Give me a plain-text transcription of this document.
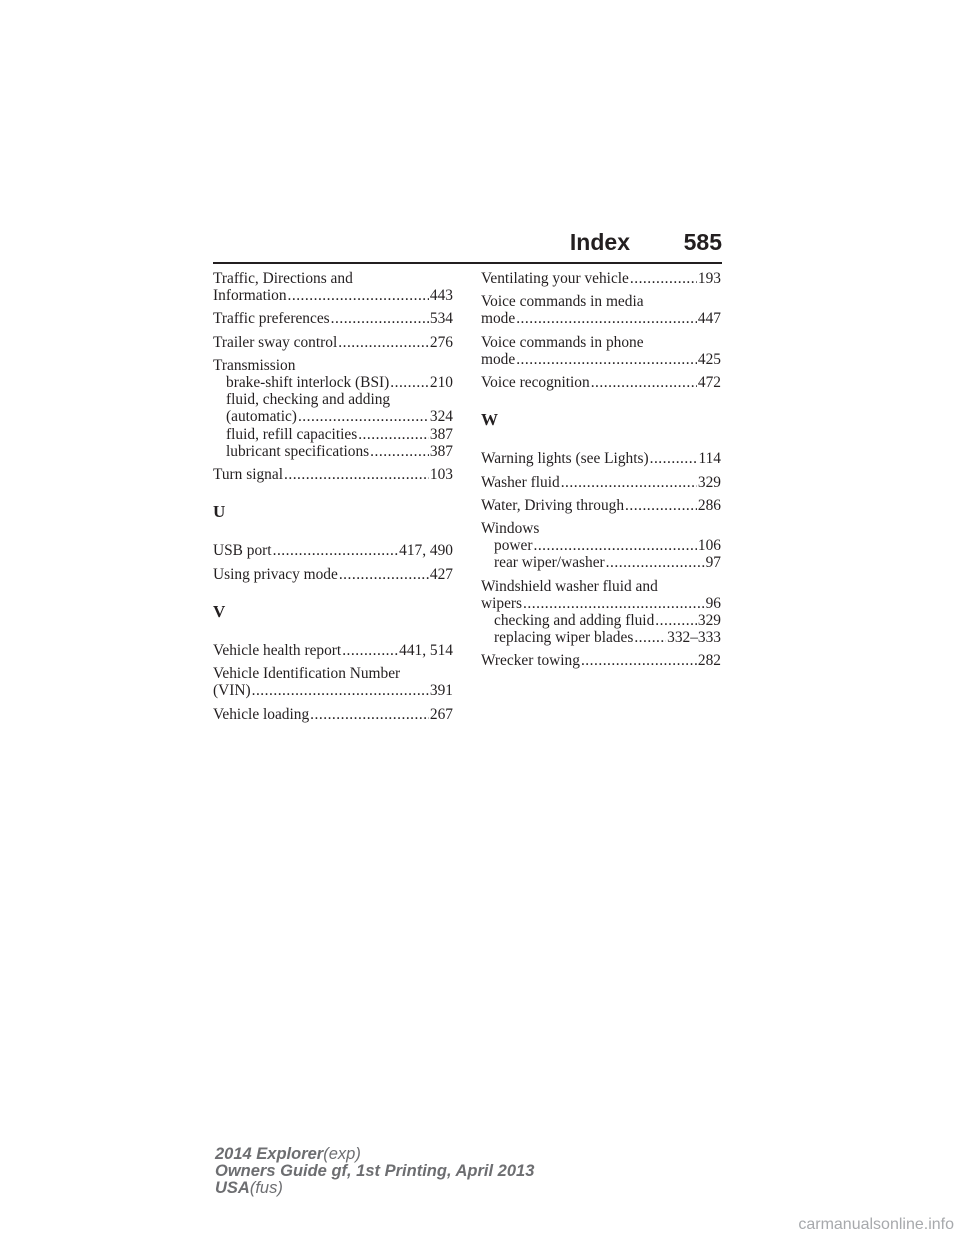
Index 585
Traffic, Directions and
Information .....	443
Traffic preferences .....	534
Trailer sway control .....	276
Transmission
brake-shift interlock (BSI) .....	210
fluid, checking and adding
(automatic) .....	324
fluid, refill capacities .....	387
lubricant specifications .....	387
Turn signal .....	103
U
USB port .....	417, 490
Using privacy mode .....	427
V
Vehicle health report .....	441, 514
Vehicle Identification Number
(VIN) .....	391
Vehicle loading .....	267
Ventilating your vehicle .....	193
Voice commands in media
mode .....	447
Voice commands in phone
mode .....	425
Voice recognition .....	472
W
Warning lights (see Lights) .....	114
Washer fluid .....	329
Water, Driving through .....	286
Windows
power .....	106
rear wiper/washer .....	97
Windshield washer fluid and
wipers .....	96
checking and adding fluid .....	329
replacing wiper blades ..... 332–333
Wrecker towing .....	282
2014 Explorer(exp)
Owners Guide gf, 1st Printing, April 2013
USA(fus)
carmanualsonline.info
